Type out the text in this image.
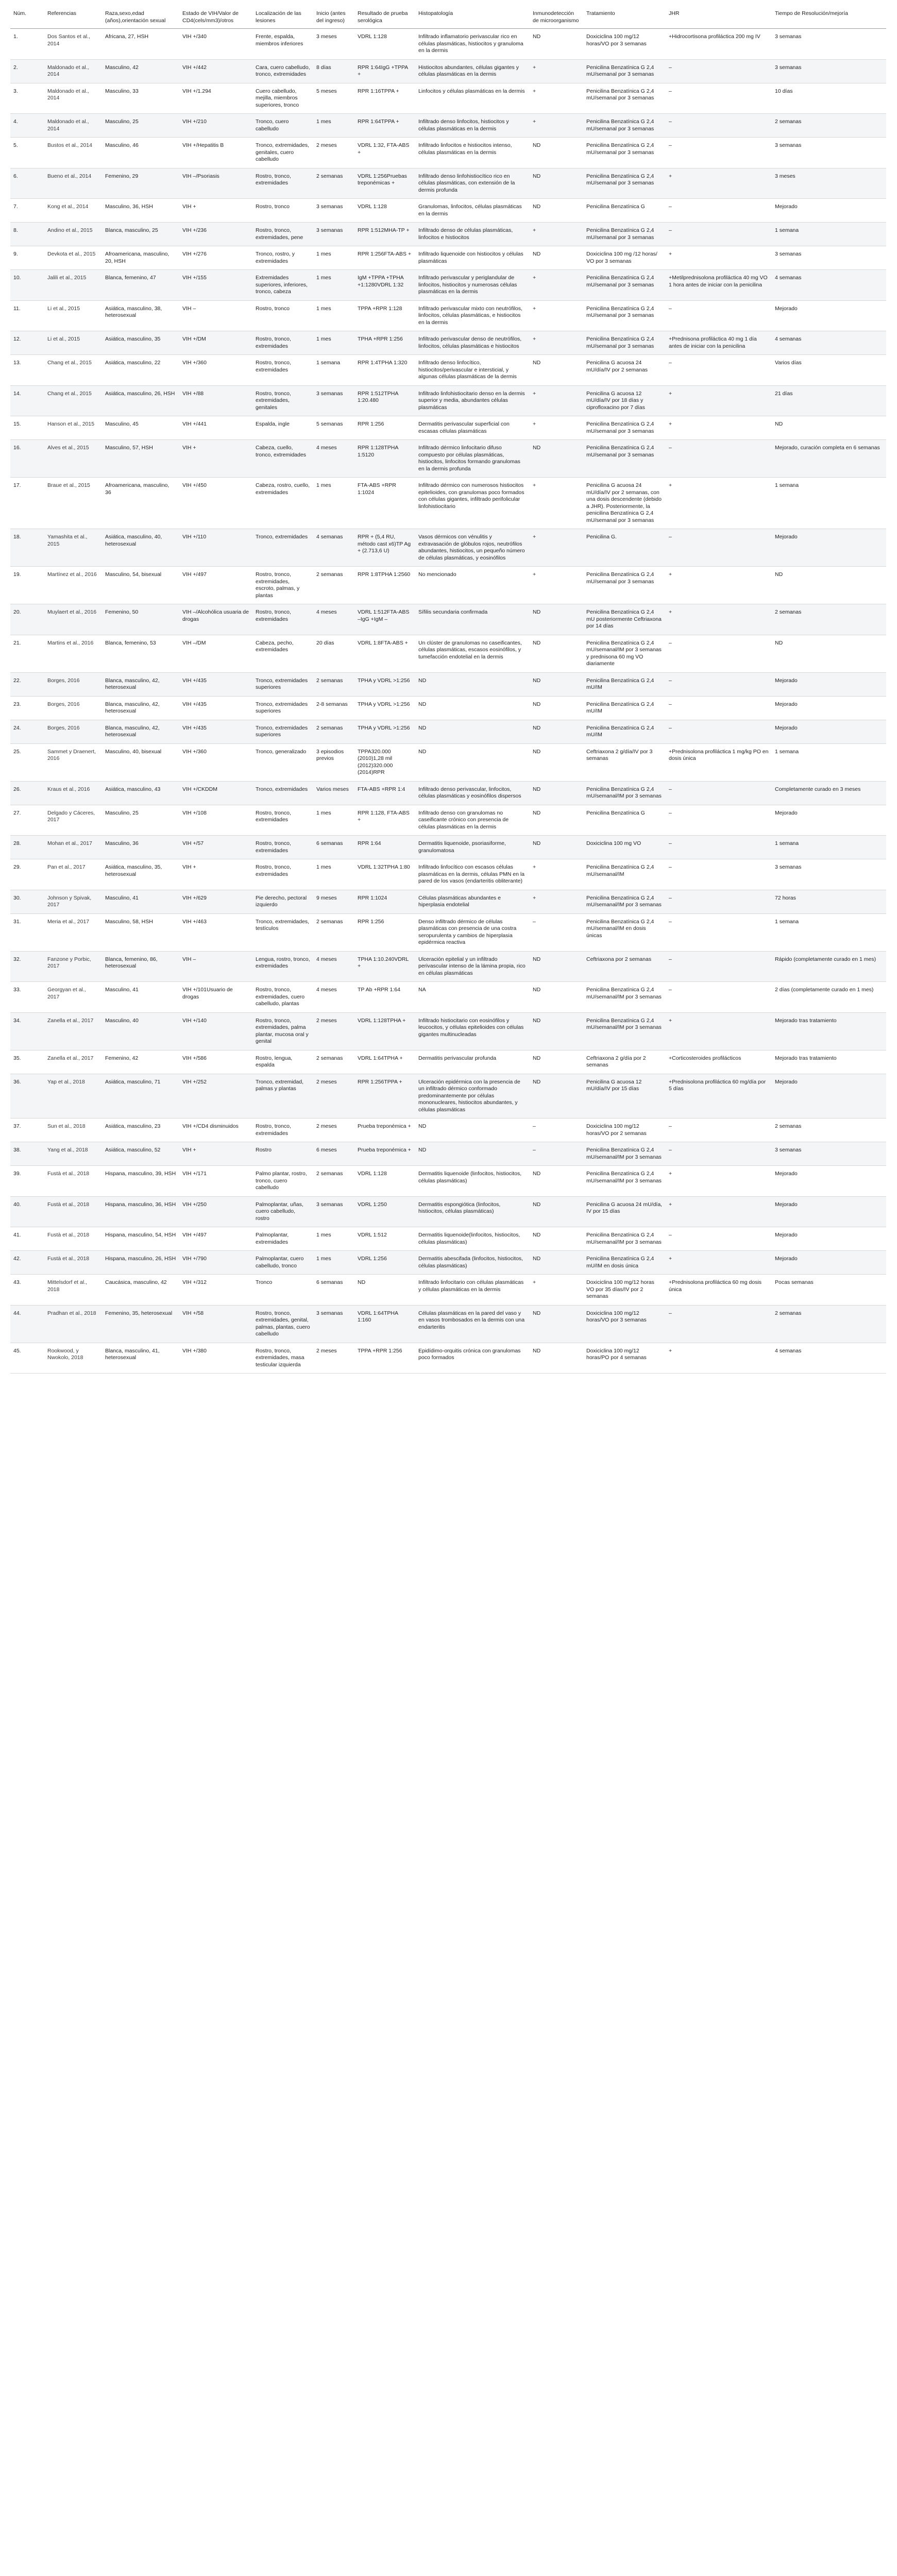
Núm.	Referencias	Raza,sexo,edad (años),orientación sexual	Estado de VIH/Valor de CD4(cels/mm3)/otros	Localización de las lesiones	Inicio (antes del ingreso)	Resultado de prueba serológica	Histopatología	Inmunodetección de microorganismo	Tratamiento	JHR	Tiempo de Resolución/mejoría
1.	Dos Santos et al., 2014	Africana, 27, HSH	VIH +/340	Frente, espalda, miembros inferiores	3 meses	VDRL 1:128	Infiltrado inflamatorio perivascular rico en células plasmáticas, histiocitos y granuloma en la dermis	ND	Doxiciclina 100 mg/12 horas/VO por 3 semanas	+Hidrocortisona profiláctica 200 mg IV	3 semanas
2.	Maldonado et al., 2014	Masculino, 42	VIH +/442	Cara, cuero cabelludo, tronco, extremidades	8 días	RPR 1:64IgG +TPPA +	Histiocitos abundantes, células gigantes y células plasmáticas en la dermis	+	Penicilina Benzatínica G 2,4 mU/semanal por 3 semanas	–	3 semanas
3.	Maldonado et al., 2014	Masculino, 33	VIH +/1.294	Cuero cabelludo, mejilla, miembros superiores, tronco	5 meses	RPR 1:16TPPA +	Linfocitos y células plasmáticas en la dermis	+	Penicilina Benzatínica G 2,4 mU/semanal por 3 semanas	–	10 días
4.	Maldonado et al., 2014	Masculino, 25	VIH +/210	Tronco, cuero cabelludo	1 mes	RPR 1:64TPPA +	Infiltrado denso linfocitos, histiocitos y células plasmáticas en la dermis	+	Penicilina Benzatínica G 2,4 mU/semanal por 3 semanas	–	2 semanas
5.	Bustos et al., 2014	Masculino, 46	VIH +/Hepatitis B	Tronco, extremidades, genitales, cuero cabelludo	2 meses	VDRL 1:32, FTA-ABS +	Infiltrado linfocitos e histiocitos intenso, células plasmáticas en la dermis	ND	Penicilina Benzatínica G 2,4 mU/semanal por 3 semanas	–	3 semanas
6.	Bueno et al., 2014	Femenino, 29	VIH –/Psoriasis	Rostro, tronco, extremidades	2 semanas	VDRL 1:256Pruebas treponémicas +	Infiltrado denso linfohistiocítico rico en células plasmáticas, con extensión de la dermis profunda	ND	Penicilina Benzatínica G 2,4 mU/semanal por 3 semanas	+	3 meses
7.	Kong et al., 2014	Masculino, 36, HSH	VIH +	Rostro, tronco	3 semanas	VDRL 1:128	Granulomas, linfocitos, células plasmáticas en la dermis	ND	Penicilina Benzatínica G	–	Mejorado
8.	Andino et al., 2015	Blanca, masculino, 25	VIH +/236	Rostro, tronco, extremidades, pene	3 semanas	RPR 1:512MHA-TP +	Infiltrado denso de células plasmáticas, linfocitos e histiocitos	+	Penicilina Benzatínica G 2,4 mU/semanal por 3 semanas	–	1 semana
9.	Devkota et al., 2015	Afroamericana, masculino, 20, HSH	VIH +/276	Tronco, rostro, y extremidades	1 mes	RPR 1:256FTA-ABS +	Infiltrado liquenoide con histiocitos y células plasmáticas	ND	Doxiciclina 100 mg /12 horas/ VO por 3 semanas	+	3 semanas
10.	Jalili et al., 2015	Blanca, femenino, 47	VIH +/155	Extremidades superiores, inferiores, tronco, cabeza	1 mes	IgM +TPPA +TPHA +1:1280VDRL 1:32	Infiltrado perivascular y periglandular de linfocitos, histiocitos y numerosas células plasmáticas en la dermis	+	Penicilina Benzatínica G 2,4 mU/semanal por 3 semanas	+Metilprednisolona profiláctica 40 mg VO 1 hora antes de iniciar con la penicilina	4 semanas
11.	Li et al., 2015	Asiática, masculino, 38, heterosexual	VIH –	Rostro, tronco	1 mes	TPPA +RPR 1:128	Infiltrado perivascular mixto con neutrófilos, linfocitos, células plasmáticas, e histiocitos en la dermis	+	Penicilina Benzatínica G 2,4 mU/semanal por 3 semanas	–	Mejorado
12.	Li et al., 2015	Asiática, masculino, 35	VIH +/DM	Rostro, tronco, extremidades	1 mes	TPHA +RPR 1:256	Infiltrado perivascular denso de neutrófilos, linfocitos, células plasmáticas e histiocitos	+	Penicilina Benzatínica G 2,4 mU/semanal por 3 semanas	+Prednisona profiláctica 40 mg 1 día antes de iniciar con la penicilina	4 semanas
13.	Chang et al., 2015	Asiática, masculino, 22	VIH +/360	Rostro, tronco, extremidades	1 semana	RPR 1:4TPHA 1:320	Infiltrado denso linfocítico, histiocitos/perivascular e intersticial, y algunas células plasmáticas de la dermis	ND	Penicilina G acuosa 24 mU/día/IV por 2 semanas	–	Varios días
14.	Chang et al., 2015	Asiática, masculino, 26, HSH	VIH +/88	Rostro, tronco, extremidades, genitales	3 semanas	RPR 1:512TPHA 1:20.480	Infiltrado linfohistiocitario denso en la dermis superior y media, abundantes células plasmáticas	+	Penicilina G acuosa 12 mU/día/IV por 18 días y ciprofloxacino por 7 días	+	21 días
15.	Hanson et al., 2015	Masculino, 45	VIH +/441	Espalda, ingle	5 semanas	RPR 1:256	Dermatitis perivascular superficial con escasas células plasmáticas	+	Penicilina Benzatínica G 2,4 mU/semanal por 3 semanas	+	ND
16.	Alves et al., 2015	Masculino, 57, HSH	VIH +	Cabeza, cuello, tronco, extremidades	4 meses	RPR 1:128TPHA 1:5120	Infiltrado dérmico linfocitario difuso compuesto por células plasmáticas, histiocitos, linfocitos formando granulomas en la dermis profunda	ND	Penicilina Benzatínica G 2,4 mU/semanal por 3 semanas	–	Mejorado, curación completa en 6 semanas
17.	Braue et al., 2015	Afroamericana, masculino, 36	VIH +/450	Cabeza, rostro, cuello, extremidades	1 mes	FTA-ABS +RPR 1:1024	Infiltrado dérmico con numerosos histiocitos epitelioides, con granulomas poco formados con células gigantes, infiltrado perifolicular linfohistiocitario	+	Penicilina G acuosa 24 mU/día/IV por 2 semanas, con una dosis descendente (debido a JHR). Posteriormente, la penicilina Benzatínica G 2,4 mU/semanal por 3 semanas	+	1 semana
18.	Yamashita et al., 2015	Asiática, masculino, 40, heterosexual	VIH +/110	Tronco, extremidades	4 semanas	RPR + (5,4 RU, método cast x6)TP Ag + (2.713,6 U)	Vasos dérmicos con vénulitis y extravasación de glóbulos rojos, neutrófilos abundantes, histiocitos, un pequeño número de células plasmáticas, y eosinófilos	+	Penicilina G.	–	Mejorado
19.	Martínez et al., 2016	Masculino, 54, bisexual	VIH +/497	Rostro, tronco, extremidades, escroto, palmas, y plantas	2 semanas	RPR 1:8TPHA 1:2560	No mencionado	+	Penicilina Benzatínica G 2,4 mU/semanal por 3 semanas	+	ND
20.	Muylaert et al., 2016	Femenino, 50	VIH –/Alcohólica usuaria de drogas	Rostro, tronco, extremidades	4 meses	VDRL 1:512FTA-ABS –IgG +IgM –	Sífilis secundaria confirmada	ND	Penicilina Benzatínica G 2,4 mU posteriormente Ceftriaxona por 14 días	+	2 semanas
21.	Martins et al., 2016	Blanca, femenino, 53	VIH –/DM	Cabeza, pecho, extremidades	20 días	VDRL 1:8FTA-ABS +	Un clúster de granulomas no caseificantes, células plasmáticas, escasos eosinófilos, y tumefacción endotelial en la dermis	ND	Penicilina Benzatínica G 2,4 mU/semanal/IM por 3 semanas y prednisona 60 mg VO diariamente	–	ND
22.	Borges, 2016	Blanca, masculino, 42, heterosexual	VIH +/435	Tronco, extremidades superiores	2 semanas	TPHA y VDRL >1:256	ND	ND	Penicilina Benzatínica G 2,4 mU/IM	–	Mejorado
23.	Borges, 2016	Blanca, masculino, 42, heterosexual	VIH +/435	Tronco, extremidades superiores	2-8 semanas	TPHA y VDRL >1:256	ND	ND	Penicilina Benzatínica G 2,4 mU/IM	–	Mejorado
24.	Borges, 2016	Blanca, masculino, 42, heterosexual	VIH +/435	Tronco, extremidades superiores	2 semanas	TPHA y VDRL >1:256	ND	ND	Penicilina Benzatínica G 2,4 mU/IM	–	Mejorado
25.	Sammet y Draenert, 2016	Masculino, 40, bisexual	VIH +/360	Tronco, generalizado	3 episodios previos	TPPA320.000 (2010)1,28 mil (2012)320.000 (2014)RPR	ND	ND	Ceftriaxona 2 g/día/IV por 3 semanas	+Prednisolona profiláctica 1 mg/kg PO en dosis única	1 semana
26.	Kraus et al., 2016	Asiática, masculino, 43	VIH +/CKDDM	Tronco, extremidades	Varios meses	FTA-ABS +RPR 1:4	Infiltrado denso perivascular, linfocitos, células plasmáticas y eosinófilos dispersos	ND	Penicilina Benzatínica G 2,4 mU/semanal/IM por 3 semanas	–	Completamente curado en 3 meses
27.	Delgado y Cáceres, 2017	Masculino, 25	VIH +/108	Rostro, tronco, extremidades	1 mes	RPR 1:128, FTA-ABS +	Infiltrado denso con granulomas no caseificante crónico con presencia de células plasmáticas en la dermis	ND	Penicilina Benzatínica G	–	Mejorado
28.	Mohan et al., 2017	Masculino, 36	VIH +/57	Rostro, tronco, extremidades	6 semanas	RPR 1:64	Dermatitis liquenoide, psoriasiforme, granulomatosa	ND	Doxiciclina 100 mg VO	–	1 semana
29.	Pan et al., 2017	Asiática, masculino, 35, heterosexual	VIH +	Rostro, tronco, extremidades	1 mes	VDRL 1:32TPHA 1:80	Infiltrado linfocítico con escasos células plasmáticas en la dermis, células PMN en la pared de los vasos (endarteritis obliterante)	+	Penicilina Benzatínica G 2,4 mU/semanal/IM	–	3 semanas
30.	Johnson y Spivak, 2017	Masculino, 41	VIH +/629	Pie derecho, pectoral izquierdo	9 meses	RPR 1:1024	Células plasmáticas abundantes e hiperplasia endotelial	+	Penicilina Benzatínica G 2,4 mU/semanal/IM por 3 semanas	–	72 horas
31.	Meria et al., 2017	Masculino, 58, HSH	VIH +/463	Tronco, extremidades, testículos	2 semanas	RPR 1:256	Denso infiltrado dérmico de células plasmáticas con presencia de una costra seropurulenta y cambios de hiperplasia epidérmica reactiva	–	Penicilina Benzatínica G 2,4 mU/semanal/IM en dosis únicas	–	1 semana
32.	Fanzone y Porbic, 2017	Blanca, femenino, 86, heterosexual	VIH –	Lengua, rostro, tronco, extremidades	4 meses	TPHA 1:10.240VDRL +	Ulceración epitelial y un infiltrado perivascular intenso de la lámina propia, rico en células plasmáticas	ND	Ceftriaxona por 2 semanas	–	Rápido (completamente curado en 1 mes)
33.	Georgyan et al., 2017	Masculino, 41	VIH +/101Usuario de drogas	Rostro, tronco, extremidades, cuero cabelludo, plantas	4 meses	TP Ab +RPR 1:64	NA	ND	Penicilina Benzatínica G 2,4 mU/semanal/IM por 3 semanas	–	2 días (completamente curado en 1 mes)
34.	Zanella et al., 2017	Masculino, 40	VIH +/140	Rostro, tronco, extremidades, palma plantar, mucosa oral y genital	2 meses	VDRL 1:128TPHA +	Infiltrado histiocitario con eosinófilos y leucocitos, y células epitelioides con células gigantes multinucleadas	ND	Penicilina Benzatínica G 2,4 mU/semanal/IM por 3 semanas	+	Mejorado tras tratamiento
35.	Zanella et al., 2017	Femenino, 42	VIH +/586	Rostro, lengua, espalda	2 semanas	VDRL 1:64TPHA +	Dermatitis perivascular profunda	ND	Ceftriaxona 2 g/día por 2 semanas	+Corticosteroides profilácticos	Mejorado tras tratamiento
36.	Yap et al., 2018	Asiática, masculino, 71	VIH +/252	Tronco, extremidad, palmas y plantas	2 meses	RPR 1:256TPPA +	Ulceración epidérmica con la presencia de un infiltrado dérmico conformado predominantemente por células mononucleares, histiocitos abundantes, y células plasmáticas	ND	Penicilina G acuosa 12 mU/día/IV por 15 días	+Prednisolona profiláctica 60 mg/día por 5 días	Mejorado
37.	Sun et al., 2018	Asiática, masculino, 23	VIH +/CD4 disminuidos	Rostro, tronco, extremidades	2 meses	Prueba treponémica +	ND	–	Doxiciclina 100 mg/12 horas/VO por 2 semanas	–	2 semanas
38.	Yang et al., 2018	Asiática, masculino, 52	VIH +	Rostro	6 meses	Prueba treponémica +	ND	–	Penicilina Benzatínica G 2,4 mU/semanal/IM por 3 semanas	–	3 semanas
39.	Fustà et al., 2018	Hispana, masculino, 39, HSH	VIH +/171	Palmo plantar, rostro, tronco, cuero cabelludo	2 semanas	VDRL 1:128	Dermatitis liquenoide (linfocitos, histiocitos, células plasmáticas)	ND	Penicilina Benzatínica G 2,4 mU/semanal/IM por 3 semanas	+	Mejorado
40.	Fustà et al., 2018	Hispana, masculino, 36, HSH	VIH +/250	Palmoplantar, uñas, cuero cabelludo, rostro	3 semanas	VDRL 1:250	Dermatitis espongiótica (linfocitos, histiocitos, células plasmáticas)	ND	Penicilina G acuosa 24 mU/día, IV por 15 días	+	Mejorado
41.	Fustà et al., 2018	Hispana, masculino, 54, HSH	VIH +/497	Palmoplantar, extremidades	1 mes	VDRL 1:512	Dermatitis liquenoide(linfocitos, histiocitos, células plasmáticas)	ND	Penicilina Benzatínica G 2,4 mU/semanal/IM por 3 semanas	–	Mejorado
42.	Fustà et al., 2018	Hispana, masculino, 26, HSH	VIH +/790	Palmoplantar, cuero cabelludo, tronco	1 mes	VDRL 1:256	Dermatitis abescifada (linfocitos, histiocitos, células plasmáticas)	ND	Penicilina Benzatínica G 2,4 mU/IM en dosis única	+	Mejorado
43.	Mittelsdorf et al., 2018	Caucásica, masculino, 42	VIH +/312	Tronco	6 semanas	ND	Infiltrado linfocitario con células plasmáticas y células plasmáticas en la dermis	+	Doxiciclina 100 mg/12 horas VO por 35 días/IV por 2 semanas	+Prednisolona profiláctica 60 mg dosis única	Pocas semanas
44.	Pradhan et al., 2018	Femenino, 35, heterosexual	VIH +/58	Rostro, tronco, extremidades, genital, palmas, plantas, cuero cabelludo	3 semanas	VDRL 1:64TPHA 1:160	Células plasmáticas en la pared del vaso y en vasos trombosados en la dermis con una endarteritis	ND	Doxiciclina 100 mg/12 horas/VO por 3 semanas	–	2 semanas
45.	Rookwood, y Nwokolo, 2018	Blanca, masculino, 41, heterosexual	VIH +/380	Rostro, tronco, extremidades, masa testicular izquierda	2 meses	TPPA +RPR 1:256	Epidídimo-orquitis crónica con granulomas poco formados	ND	Doxiciclina 100 mg/12 horas/PO por 4 semanas	+	4 semanas
